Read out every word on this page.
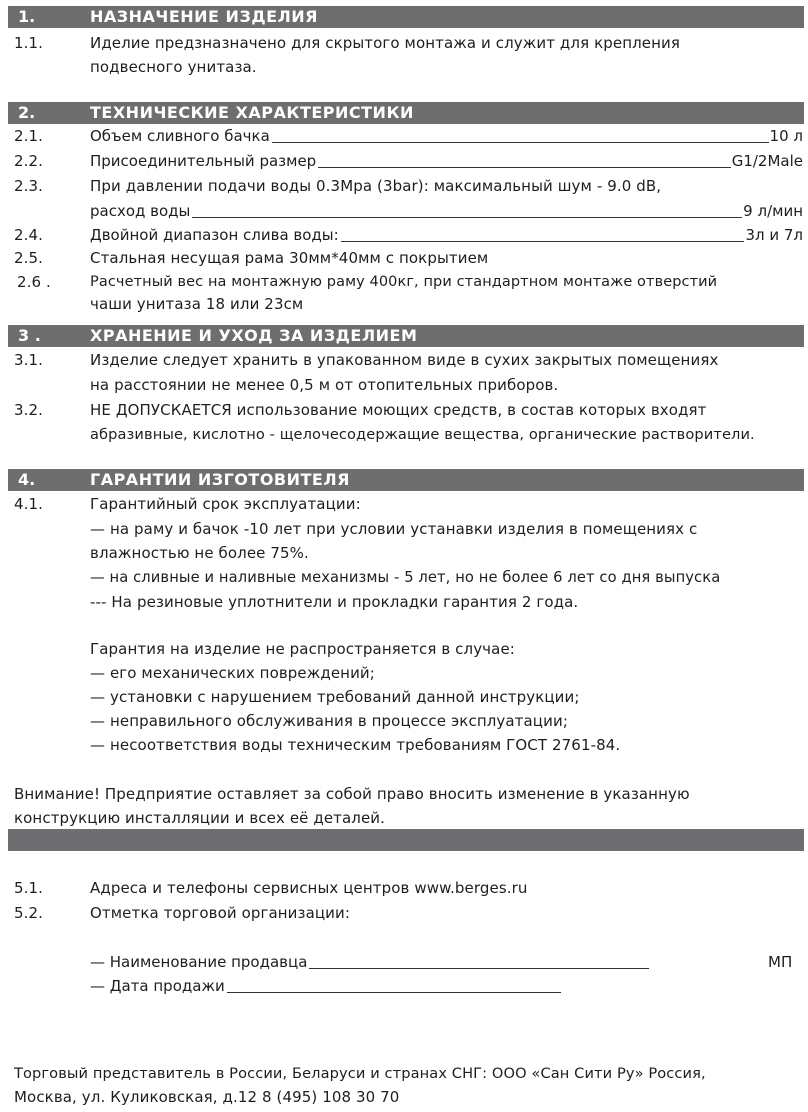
1.	НАЗНАЧЕНИЕ ИЗДЕЛИЯ
1.1.	Иделие предзназначено для скрытого монтажа и служит для крепления
подвесного унитаза.
2.	ТЕХНИЧЕСКИЕ ХАРАКТЕРИСТИКИ
2.1.	Объем сливного бачка	10 л
2.2.	Присоединительный размер	G1/2Male
2.3.	При давлении подачи воды 0.3Mpa (3bar): максимальный шум - 9.0 dB,
расход воды	9 л/мин
2.4.	Двойной диапазон слива воды:	3л и 7л
2.5.	Стальная несущая рама 30мм*40мм с покрытием
2.6 .	Расчетный вес на монтажную раму 400кг, при стандартном монтаже отверстий
чаши унитаза 18 или 23см
3 .	ХРАНЕНИЕ И УХОД ЗА ИЗДЕЛИЕМ
3.1.	Изделие следует хранить в упакованном виде в сухих закрытых помещениях
на расстоянии не менее 0,5 м от отопительных приборов.
3.2.	НЕ ДОПУСКАЕТСЯ использование моющих средств, в состав которых входят
абразивные, кислотно - щелочесодержащие вещества, органические растворители.
4.	ГАРАНТИИ ИЗГОТОВИТЕЛЯ
4.1.	Гарантийный срок эксплуатации:
— на раму и бачок -10 лет при условии устанавки изделия в помещениях с
влажностью не более 75%.
— на сливные и наливные механизмы - 5 лет, но не более 6 лет со дня выпуска
--- На резиновые уплотнители и прокладки гарантия 2 года.
Гарантия на изделие не распространяется в случае:
— его механических повреждений;
— установки с нарушением требований данной инструкции;
— неправильного обслуживания в процессе эксплуатации;
— несоответствия воды техническим требованиям ГОСТ 2761-84.
Внимание! Предприятие оставляет за собой право вносить изменение в указанную
конструкцию инсталляции и всех её деталей.
5.1.	Адреса и телефоны сервисных центров www.berges.ru
5.2.	Отметка торговой организации:
— Наименование продавца	МП
— Дата продажи
Торговый представитель в России, Беларуси и странах СНГ: ООО «Сан Сити Ру» Россия,
Москва, ул. Куликовская, д.12 8 (495) 108 30 70
